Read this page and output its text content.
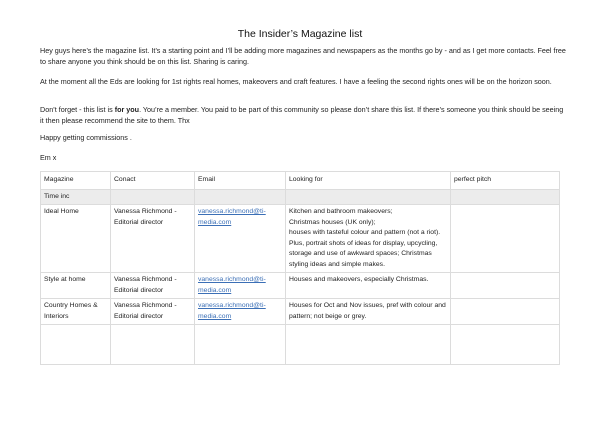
The Insider’s Magazine list

Hey guys here’s the magazine list. It’s a starting point and I’ll be adding more magazines and newspapers as the months go by - and as I get more contacts. Feel free to share anyone you think should be on this list. Sharing is caring.

At the moment all the Eds are looking for 1st rights real homes, makeovers and craft features. I have a feeling the second rights ones will be on the horizon soon.

Don’t forget - this list is for you. You’re a member. You paid to be part of this community so please don’t share this list. If there’s someone you think should be seeing it then please recommend the site to them. Thx

Happy getting commissions .

Em x

Magazine	Conact	Email	Looking for	perfect pitch
Time inc				
Ideal Home	Vanessa Richmond - Editorial director	vanessa.richmond@ti-media.com	Kitchen and bathroom makeovers;
Christmas houses (UK only);
houses with tasteful colour and pattern (not a riot).
Plus, portrait shots of ideas for display, upcycling, storage and use of awkward spaces; Christmas styling ideas and simple makes.	

Style at home	Vanessa Richmond - Editorial director	vanessa.richmond@ti-media.com	Houses and makeovers, especially Christmas.	

Country Homes & Interiors	Vanessa Richmond - Editorial director	vanessa.richmond@ti-media.com	Houses for Oct and Nov issues, pref with colour and pattern; not beige or grey.	
